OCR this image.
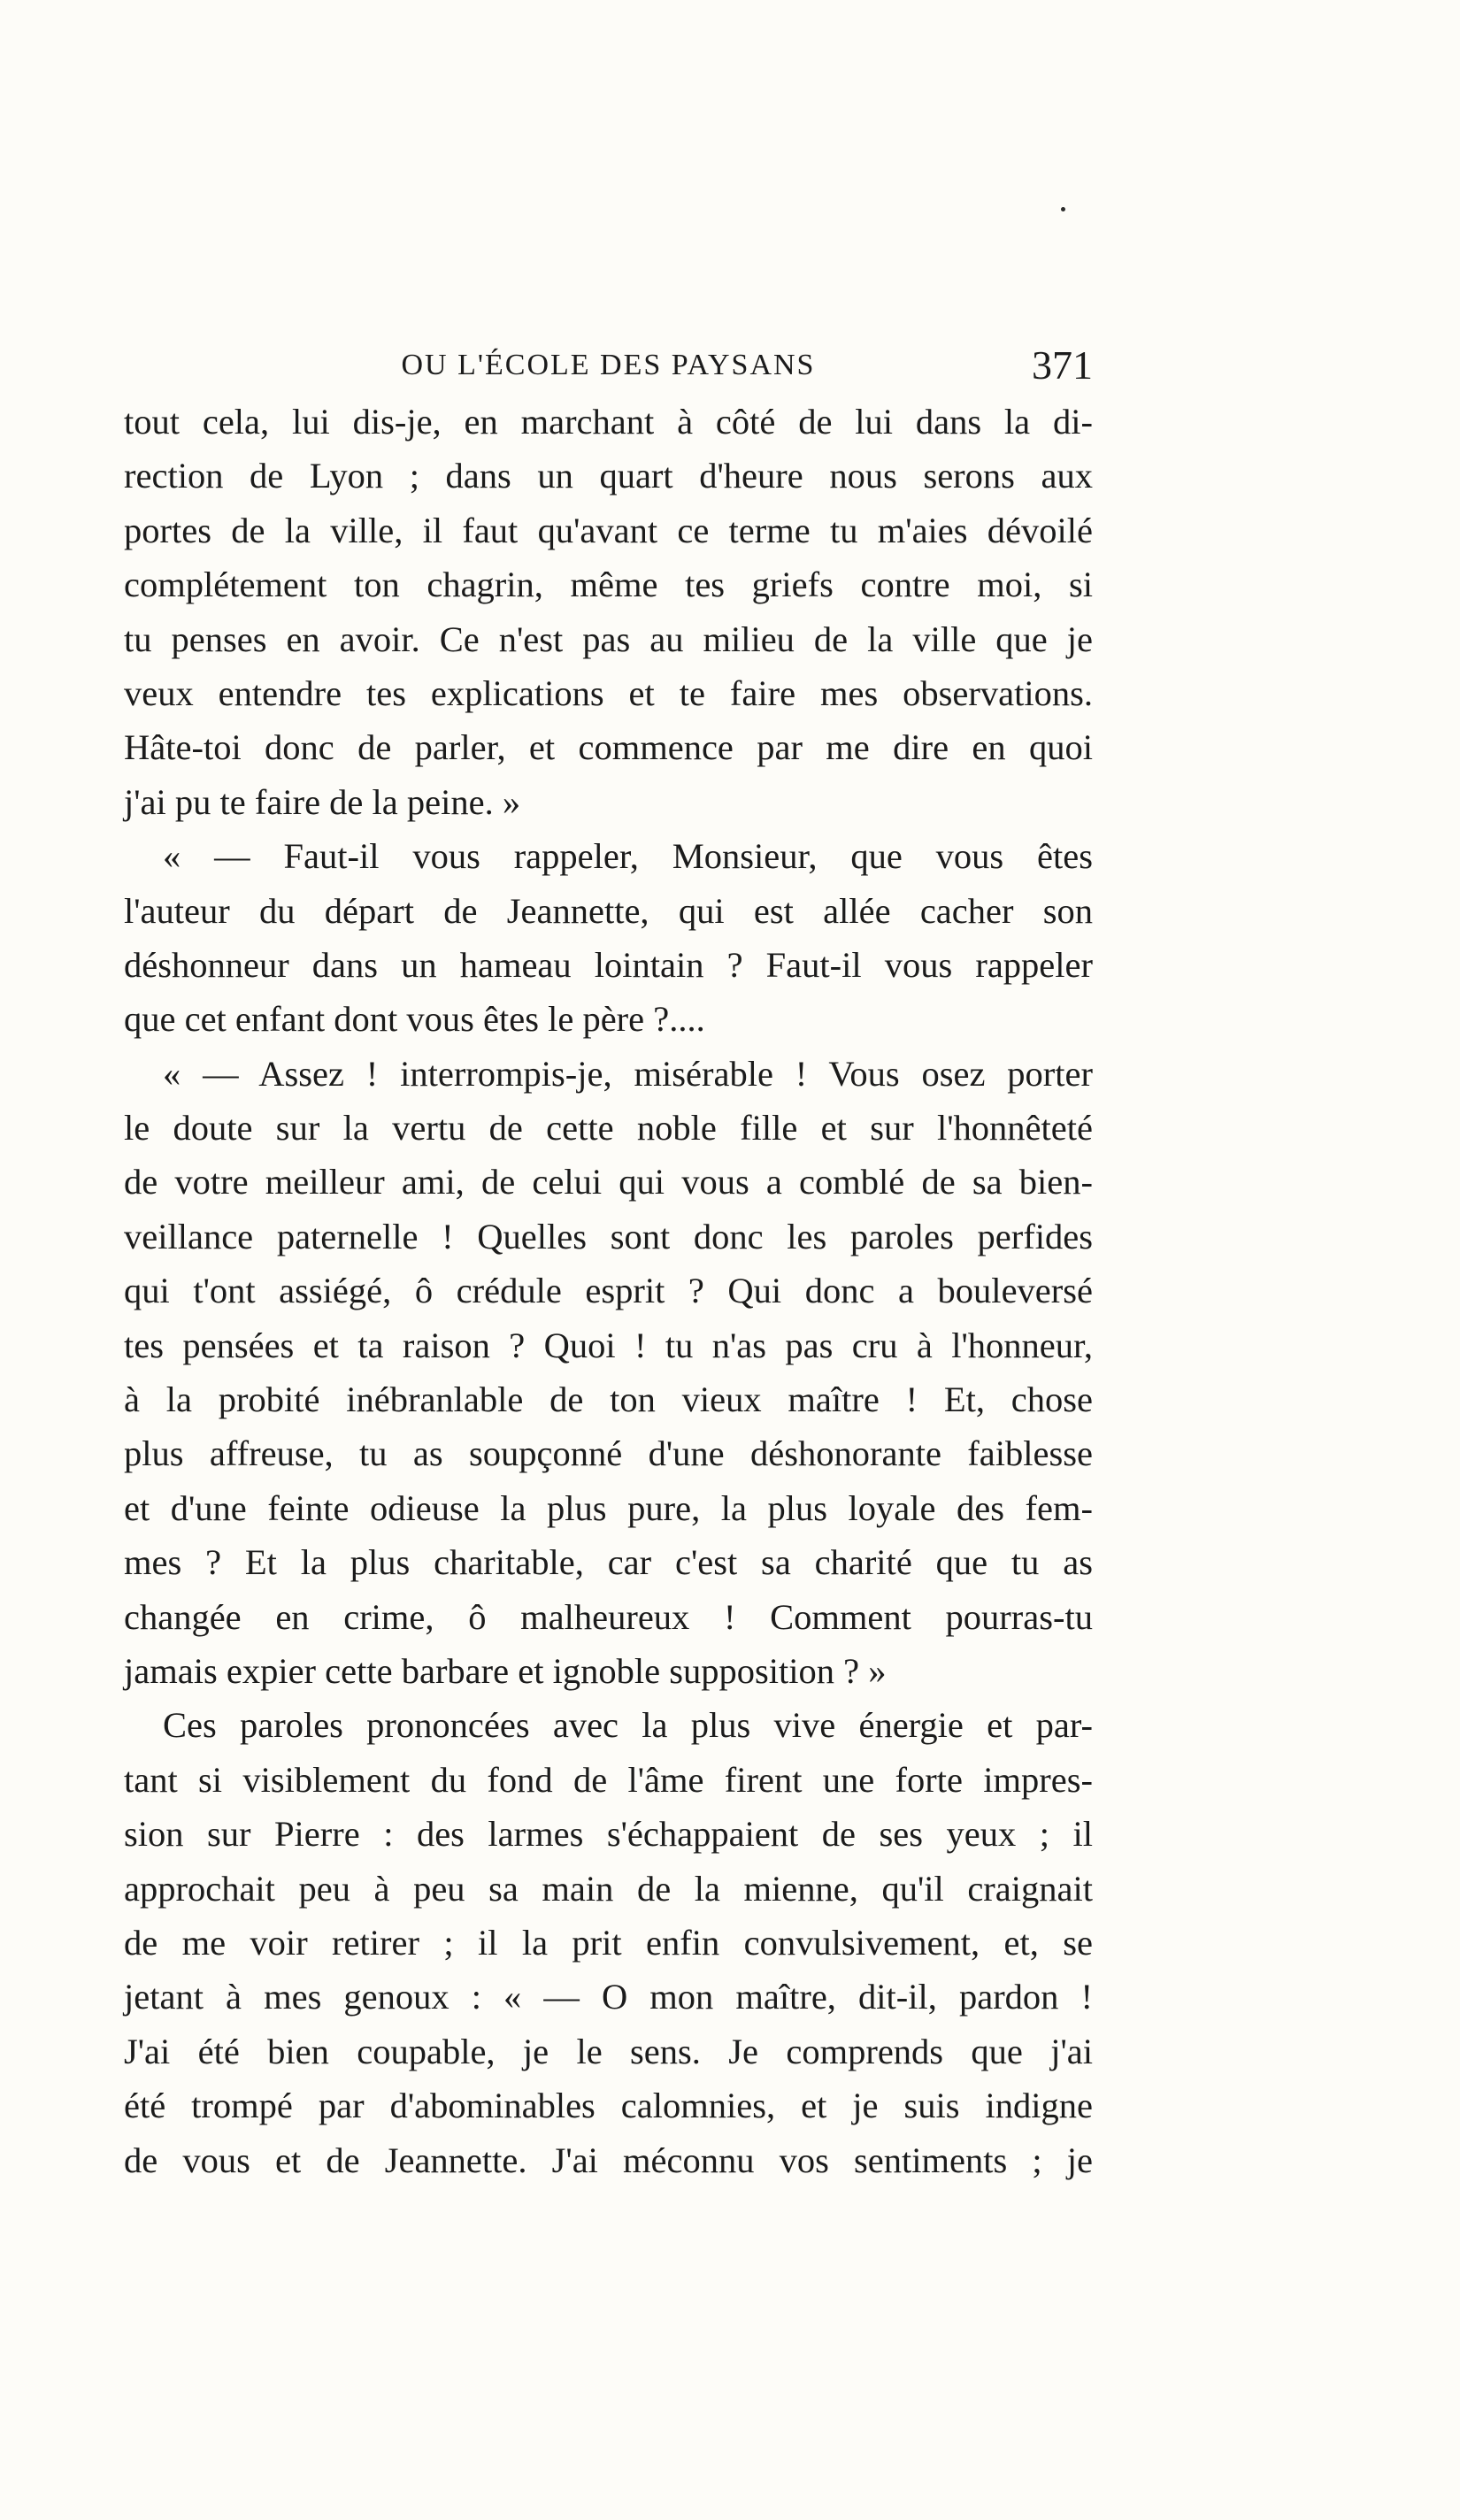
OU L'ÉCOLE DES PAYSANS	371
tout cela, lui dis-je, en marchant à côté de lui dans la di-
rection de Lyon ; dans un quart d'heure nous serons aux
portes de la ville, il faut qu'avant ce terme tu m'aies dévoilé
complétement ton chagrin, même tes griefs contre moi, si
tu penses en avoir. Ce n'est pas au milieu de la ville que je
veux entendre tes explications et te faire mes observations.
Hâte-toi donc de parler, et commence par me dire en quoi
j'ai pu te faire de la peine. »
« — Faut-il vous rappeler, Monsieur, que vous êtes
l'auteur du départ de Jeannette, qui est allée cacher son
déshonneur dans un hameau lointain ? Faut-il vous rappeler
que cet enfant dont vous êtes le père ?....
« — Assez ! interrompis-je, misérable ! Vous osez porter
le doute sur la vertu de cette noble fille et sur l'honnêteté
de votre meilleur ami, de celui qui vous a comblé de sa bien-
veillance paternelle ! Quelles sont donc les paroles perfides
qui t'ont assiégé, ô crédule esprit ? Qui donc a bouleversé
tes pensées et ta raison ? Quoi ! tu n'as pas cru à l'honneur,
à la probité inébranlable de ton vieux maître ! Et, chose
plus affreuse, tu as soupçonné d'une déshonorante faiblesse
et d'une feinte odieuse la plus pure, la plus loyale des fem-
mes ? Et la plus charitable, car c'est sa charité que tu as
changée en crime, ô malheureux ! Comment pourras-tu
jamais expier cette barbare et ignoble supposition ? »
Ces paroles prononcées avec la plus vive énergie et par-
tant si visiblement du fond de l'âme firent une forte impres-
sion sur Pierre : des larmes s'échappaient de ses yeux ; il
approchait peu à peu sa main de la mienne, qu'il craignait
de me voir retirer ; il la prit enfin convulsivement, et, se
jetant à mes genoux : « — O mon maître, dit-il, pardon !
J'ai été bien coupable, je le sens. Je comprends que j'ai
été trompé par d'abominables calomnies, et je suis indigne
de vous et de Jeannette. J'ai méconnu vos sentiments ; je
